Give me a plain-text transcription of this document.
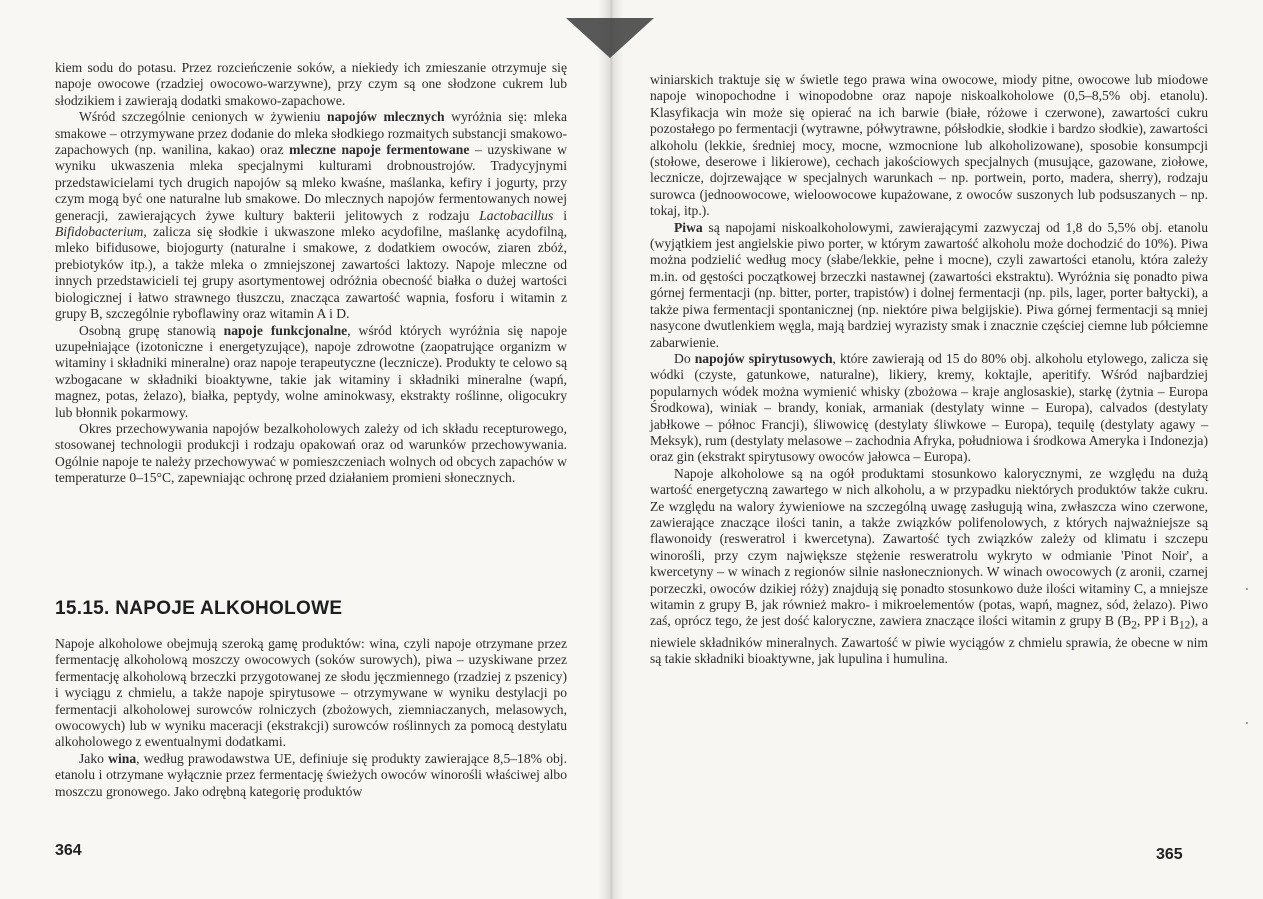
kiem sodu do potasu. Przez rozcieńczenie soków, a niekiedy ich zmieszanie otrzymuje się napoje owocowe (rzadziej owocowo-warzywne), przy czym są one słodzone cukrem lub słodzikiem i zawierają dodatki smakowo-zapachowe.

Wśród szczególnie cenionych w żywieniu napojów mlecznych wyróżnia się: mleka smakowe – otrzymywane przez dodanie do mleka słodkiego rozmaitych substancji smakowo-zapachowych (np. wanilina, kakao) oraz mleczne napoje fermentowane – uzyskiwane w wyniku ukwaszenia mleka specjalnymi kulturami drobnoustrojów. Tradycyjnymi przedstawicielami tych drugich napojów są mleko kwaśne, maślanka, kefiry i jogurty, przy czym mogą być one naturalne lub smakowe. Do mlecznych napojów fermentowanych nowej generacji, zawierających żywe kultury bakterii jelitowych z rodzaju Lactobacillus i Bifidobacterium, zalicza się słodkie i ukwaszone mleko acydofilne, maślankę acydofilną, mleko bifidusowe, biojogurty (naturalne i smakowe, z dodatkiem owoców, ziaren zbóż, prebiotyków itp.), a także mleka o zmniejszonej zawartości laktozy. Napoje mleczne od innych przedstawicieli tej grupy asortymentowej odróżnia obecność białka o dużej wartości biologicznej i łatwo strawnego tłuszczu, znacząca zawartość wapnia, fosforu i witamin z grupy B, szczególnie ryboflawiny oraz witamin A i D.

Osobną grupę stanowią napoje funkcjonalne, wśród których wyróżnia się napoje uzupełniające (izotoniczne i energetyzujące), napoje zdrowotne (zaopatrujące organizm w witaminy i składniki mineralne) oraz napoje terapeutyczne (lecznicze). Produkty te celowo są wzbogacane w składniki bioaktywne, takie jak witaminy i składniki mineralne (wapń, magnez, potas, żelazo), białka, peptydy, wolne aminokwasy, ekstrakty roślinne, oligocukry lub błonnik pokarmowy.

Okres przechowywania napojów bezalkoholowych zależy od ich składu recepturowego, stosowanej technologii produkcji i rodzaju opakowań oraz od warunków przechowywania. Ogólnie napoje te należy przechowywać w pomieszczeniach wolnych od obcych zapachów w temperaturze 0–15°C, zapewniając ochronę przed działaniem promieni słonecznych.

15.15. NAPOJE ALKOHOLOWE

Napoje alkoholowe obejmują szeroką gamę produktów: wina, czyli napoje otrzymane przez fermentację alkoholową moszczy owocowych (soków surowych), piwa – uzyskiwane przez fermentację alkoholową brzeczki przygotowanej ze słodu jęczmiennego (rzadziej z pszenicy) i wyciągu z chmielu, a także napoje spirytusowe – otrzymywane w wyniku destylacji po fermentacji alkoholowej surowców rolniczych (zbożowych, ziemniaczanych, melasowych, owocowych) lub w wyniku maceracji (ekstrakcji) surowców roślinnych za pomocą destylatu alkoholowego z ewentualnymi dodatkami.

Jako wina, według prawodawstwa UE, definiuje się produkty zawierające 8,5–18% obj. etanolu i otrzymane wyłącznie przez fermentację świeżych owoców winorośli właściwej albo moszczu gronowego. Jako odrębną kategorię produktów

364

winiarskich traktuje się w świetle tego prawa wina owocowe, miody pitne, owocowe lub miodowe napoje winopochodne i winopodobne oraz napoje niskoalkoholowe (0,5–8,5% obj. etanolu). Klasyfikacja win może się opierać na ich barwie (białe, różowe i czerwone), zawartości cukru pozostałego po fermentacji (wytrawne, półwytrawne, półsłodkie, słodkie i bardzo słodkie), zawartości alkoholu (lekkie, średniej mocy, mocne, wzmocnione lub alkoholizowane), sposobie konsumpcji (stołowe, deserowe i likierowe), cechach jakościowych specjalnych (musujące, gazowane, ziołowe, lecznicze, dojrzewające w specjalnych warunkach – np. portwein, porto, madera, sherry), rodzaju surowca (jednoowocowe, wieloowocowe kupażowane, z owoców suszonych lub podsuszanych – np. tokaj, itp.).

Piwa są napojami niskoalkoholowymi, zawierającymi zazwyczaj od 1,8 do 5,5% obj. etanolu (wyjątkiem jest angielskie piwo porter, w którym zawartość alkoholu może dochodzić do 10%). Piwa można podzielić według mocy (słabe/lekkie, pełne i mocne), czyli zawartości etanolu, która zależy m.in. od gęstości początkowej brzeczki nastawnej (zawartości ekstraktu). Wyróżnia się ponadto piwa górnej fermentacji (np. bitter, porter, trapistów) i dolnej fermentacji (np. pils, lager, porter bałtycki), a także piwa fermentacji spontanicznej (np. niektóre piwa belgijskie). Piwa górnej fermentacji są mniej nasycone dwutlenkiem węgla, mają bardziej wyrazisty smak i znacznie częściej ciemne lub półciemne zabarwienie.

Do napojów spirytusowych, które zawierają od 15 do 80% obj. alkoholu etylowego, zalicza się wódki (czyste, gatunkowe, naturalne), likiery, kremy, koktajle, aperitify. Wśród najbardziej popularnych wódek można wymienić whisky (zbożowa – kraje anglosaskie), starkę (żytnia – Europa Środkowa), winiak – brandy, koniak, armaniak (destylaty winne – Europa), calvados (destylaty jabłkowe – północ Francji), śliwowicę (destylaty śliwkowe – Europa), tequilę (destylaty agawy – Meksyk), rum (destylaty melasowe – zachodnia Afryka, południowa i środkowa Ameryka i Indonezja) oraz gin (ekstrakt spirytusowy owoców jałowca – Europa).

Napoje alkoholowe są na ogół produktami stosunkowo kalorycznymi, ze względu na dużą wartość energetyczną zawartego w nich alkoholu, a w przypadku niektórych produktów także cukru. Ze względu na walory żywieniowe na szczególną uwagę zasługują wina, zwłaszcza wino czerwone, zawierające znaczące ilości tanin, a także związków polifenolowych, z których najważniejsze są flawonoidy (resweratrol i kwercetyna). Zawartość tych związków zależy od klimatu i szczepu winorośli, przy czym największe stężenie resweratrolu wykryto w odmianie 'Pinot Noir', a kwercetyny – w winach z regionów silnie nasłonecznionych. W winach owocowych (z aronii, czarnej porzeczki, owoców dzikiej róży) znajdują się ponadto stosunkowo duże ilości witaminy C, a mniejsze witamin z grupy B, jak również makro- i mikroelementów (potas, wapń, magnez, sód, żelazo). Piwo zaś, oprócz tego, że jest dość kaloryczne, zawiera znaczące ilości witamin z grupy B ($B_2$, PP i $B_{12}$), a niewiele składników mineralnych. Zawartość w piwie wyciągów z chmielu sprawia, że obecne w nim są takie składniki bioaktywne, jak lupulina i humulina.

365
